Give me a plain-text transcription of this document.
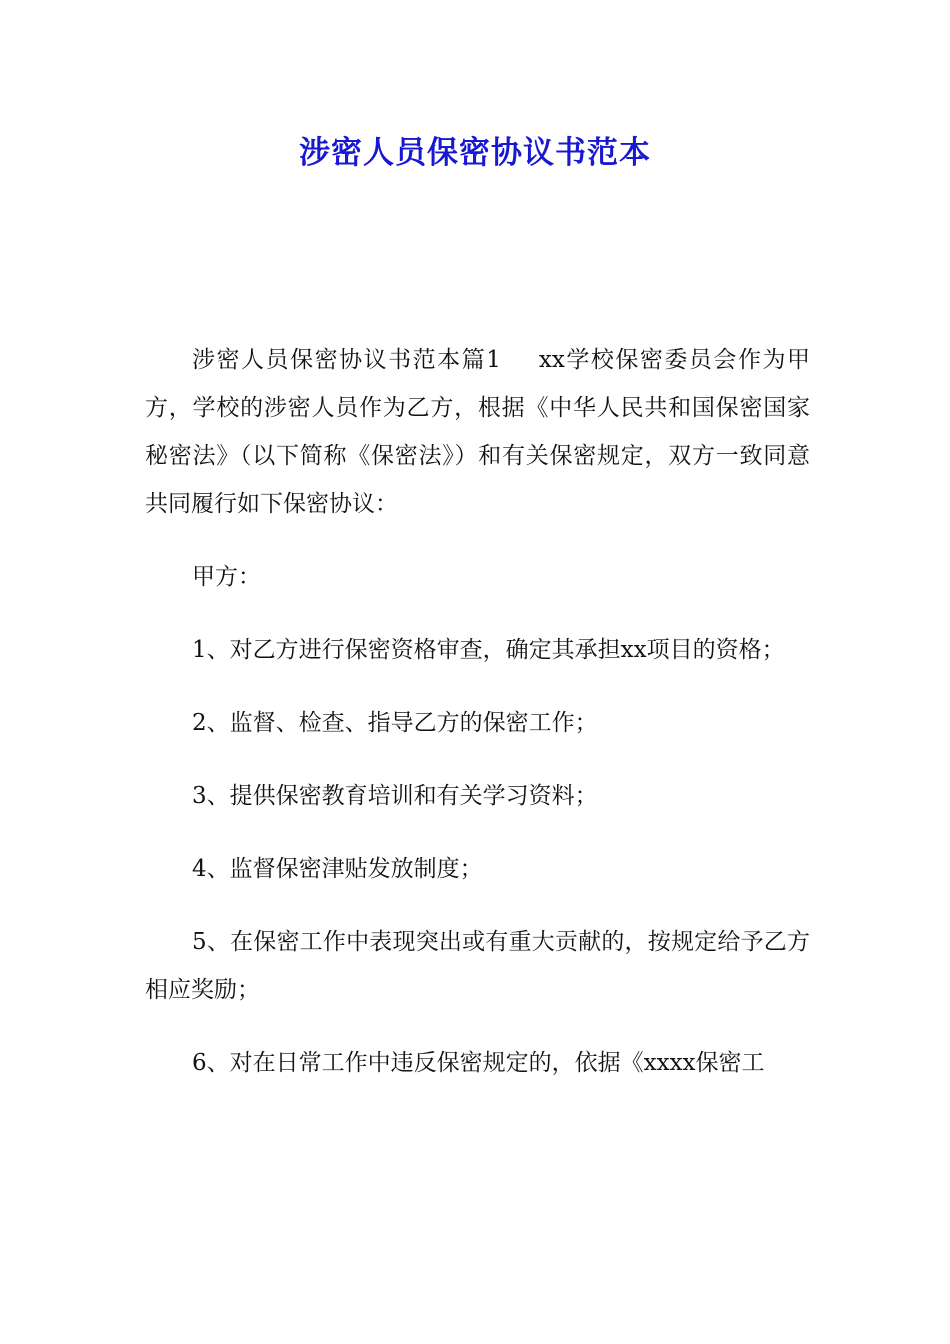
涉密人员保密协议书范本

涉密人员保密协议书范本篇1 xx学校保密委员会作为甲方，学校的涉密人员作为乙方，根据《中华人民共和国保密国家秘密法》（以下简称《保密法》）和有关保密规定，双方一致同意共同履行如下保密协议：

甲方：

1、对乙方进行保密资格审查，确定其承担xx项目的资格；

2、监督、检查、指导乙方的保密工作；

3、提供保密教育培训和有关学习资料；

4、监督保密津贴发放制度；

5、在保密工作中表现突出或有重大贡献的，按规定给予乙方相应奖励；

6、对在日常工作中违反保密规定的，依据《xxxx保密工
